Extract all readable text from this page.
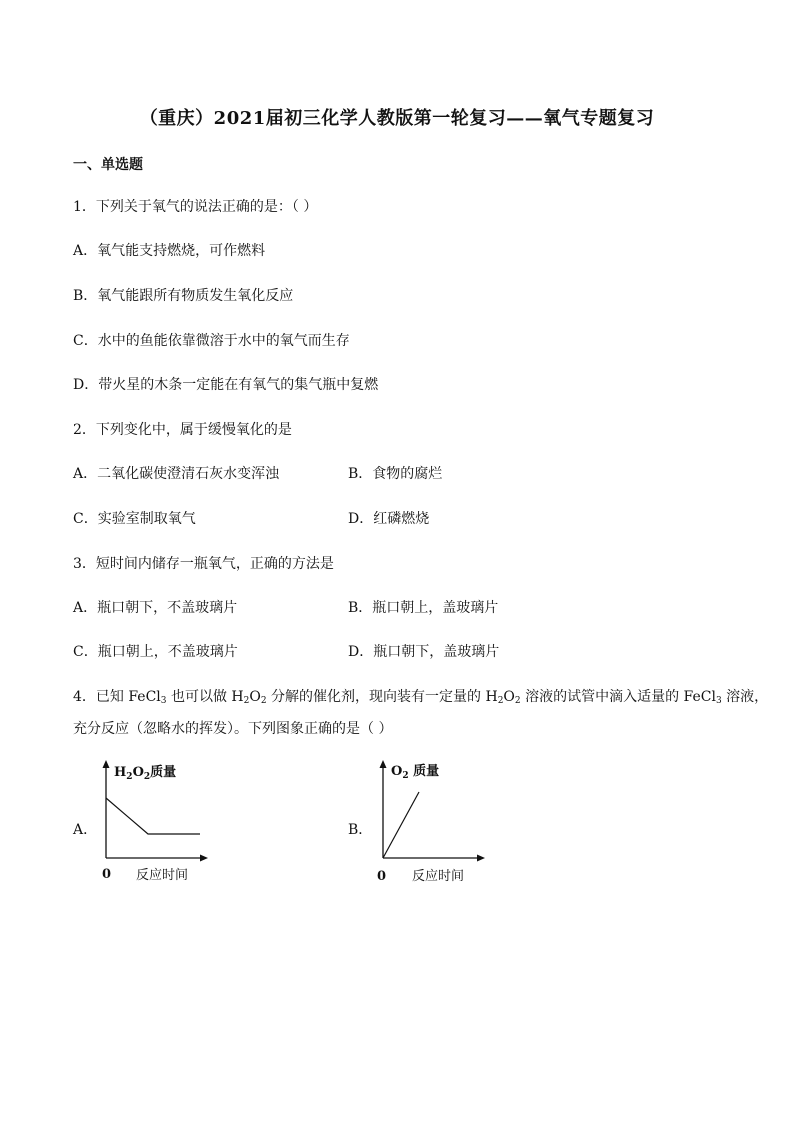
（重庆）2021届初三化学人教版第一轮复习——氧气专题复习
一、单选题
1．下列关于氧气的说法正确的是：（ ）
A．氧气能支持燃烧，可作燃料
B．氧气能跟所有物质发生氧化反应
C．水中的鱼能依靠微溶于水中的氧气而生存
D．带火星的木条一定能在有氧气的集气瓶中复燃
2．下列变化中，属于缓慢氧化的是
A．二氧化碳使澄清石灰水变浑浊	B．食物的腐烂
C．实验室制取氧气	D．红磷燃烧
3．短时间内储存一瓶氧气，正确的方法是
A．瓶口朝下，不盖玻璃片	B．瓶口朝上，盖玻璃片
C．瓶口朝上，不盖玻璃片	D．瓶口朝下，盖玻璃片
4．已知 FeCl$_3$ 也可以做 $H_2O_2$ 分解的催化剂，现向装有一定量的 $H_2O_2$ 溶液的试管中滴入适量的 FeCl$_3$ 溶液，
充分反应（忽略水的挥发）。下列图象正确的是（ ）
A．
$H_2O_2$质量
0 反应时间
B．
$O_2$ 质量
0 反应时间
